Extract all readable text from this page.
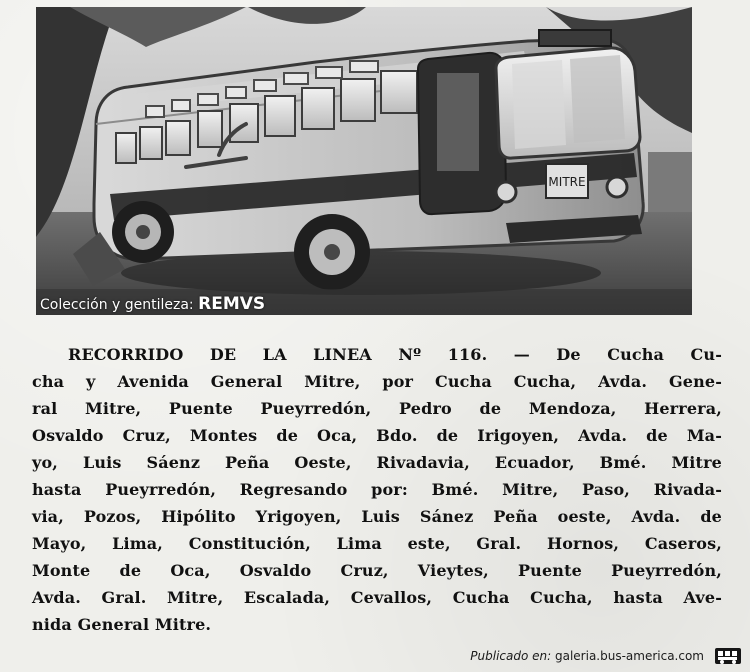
MITRE
Colección y gentileza: REMVS
RECORRIDO DE LA LINEA Nº 116. — De Cucha Cu-
cha y Avenida General Mitre, por Cucha Cucha, Avda. Gene-
ral Mitre, Puente Pueyrredón, Pedro de Mendoza, Herrera,
Osvaldo Cruz, Montes de Oca, Bdo. de Irigoyen, Avda. de Ma-
yo, Luis Sáenz Peña Oeste, Rivadavia, Ecuador, Bmé. Mitre
hasta Pueyrredón, Regresando por: Bmé. Mitre, Paso, Rivada-
via, Pozos, Hipólito Yrigoyen, Luis Sánez Peña oeste, Avda. de
Mayo, Lima, Constitución, Lima este, Gral. Hornos, Caseros,
Monte de Oca, Osvaldo Cruz, Vieytes, Puente Pueyrredón,
Avda. Gral. Mitre, Escalada, Cevallos, Cucha Cucha, hasta Ave-
nida General Mitre.
Publicado en: galeria.bus-america.com
